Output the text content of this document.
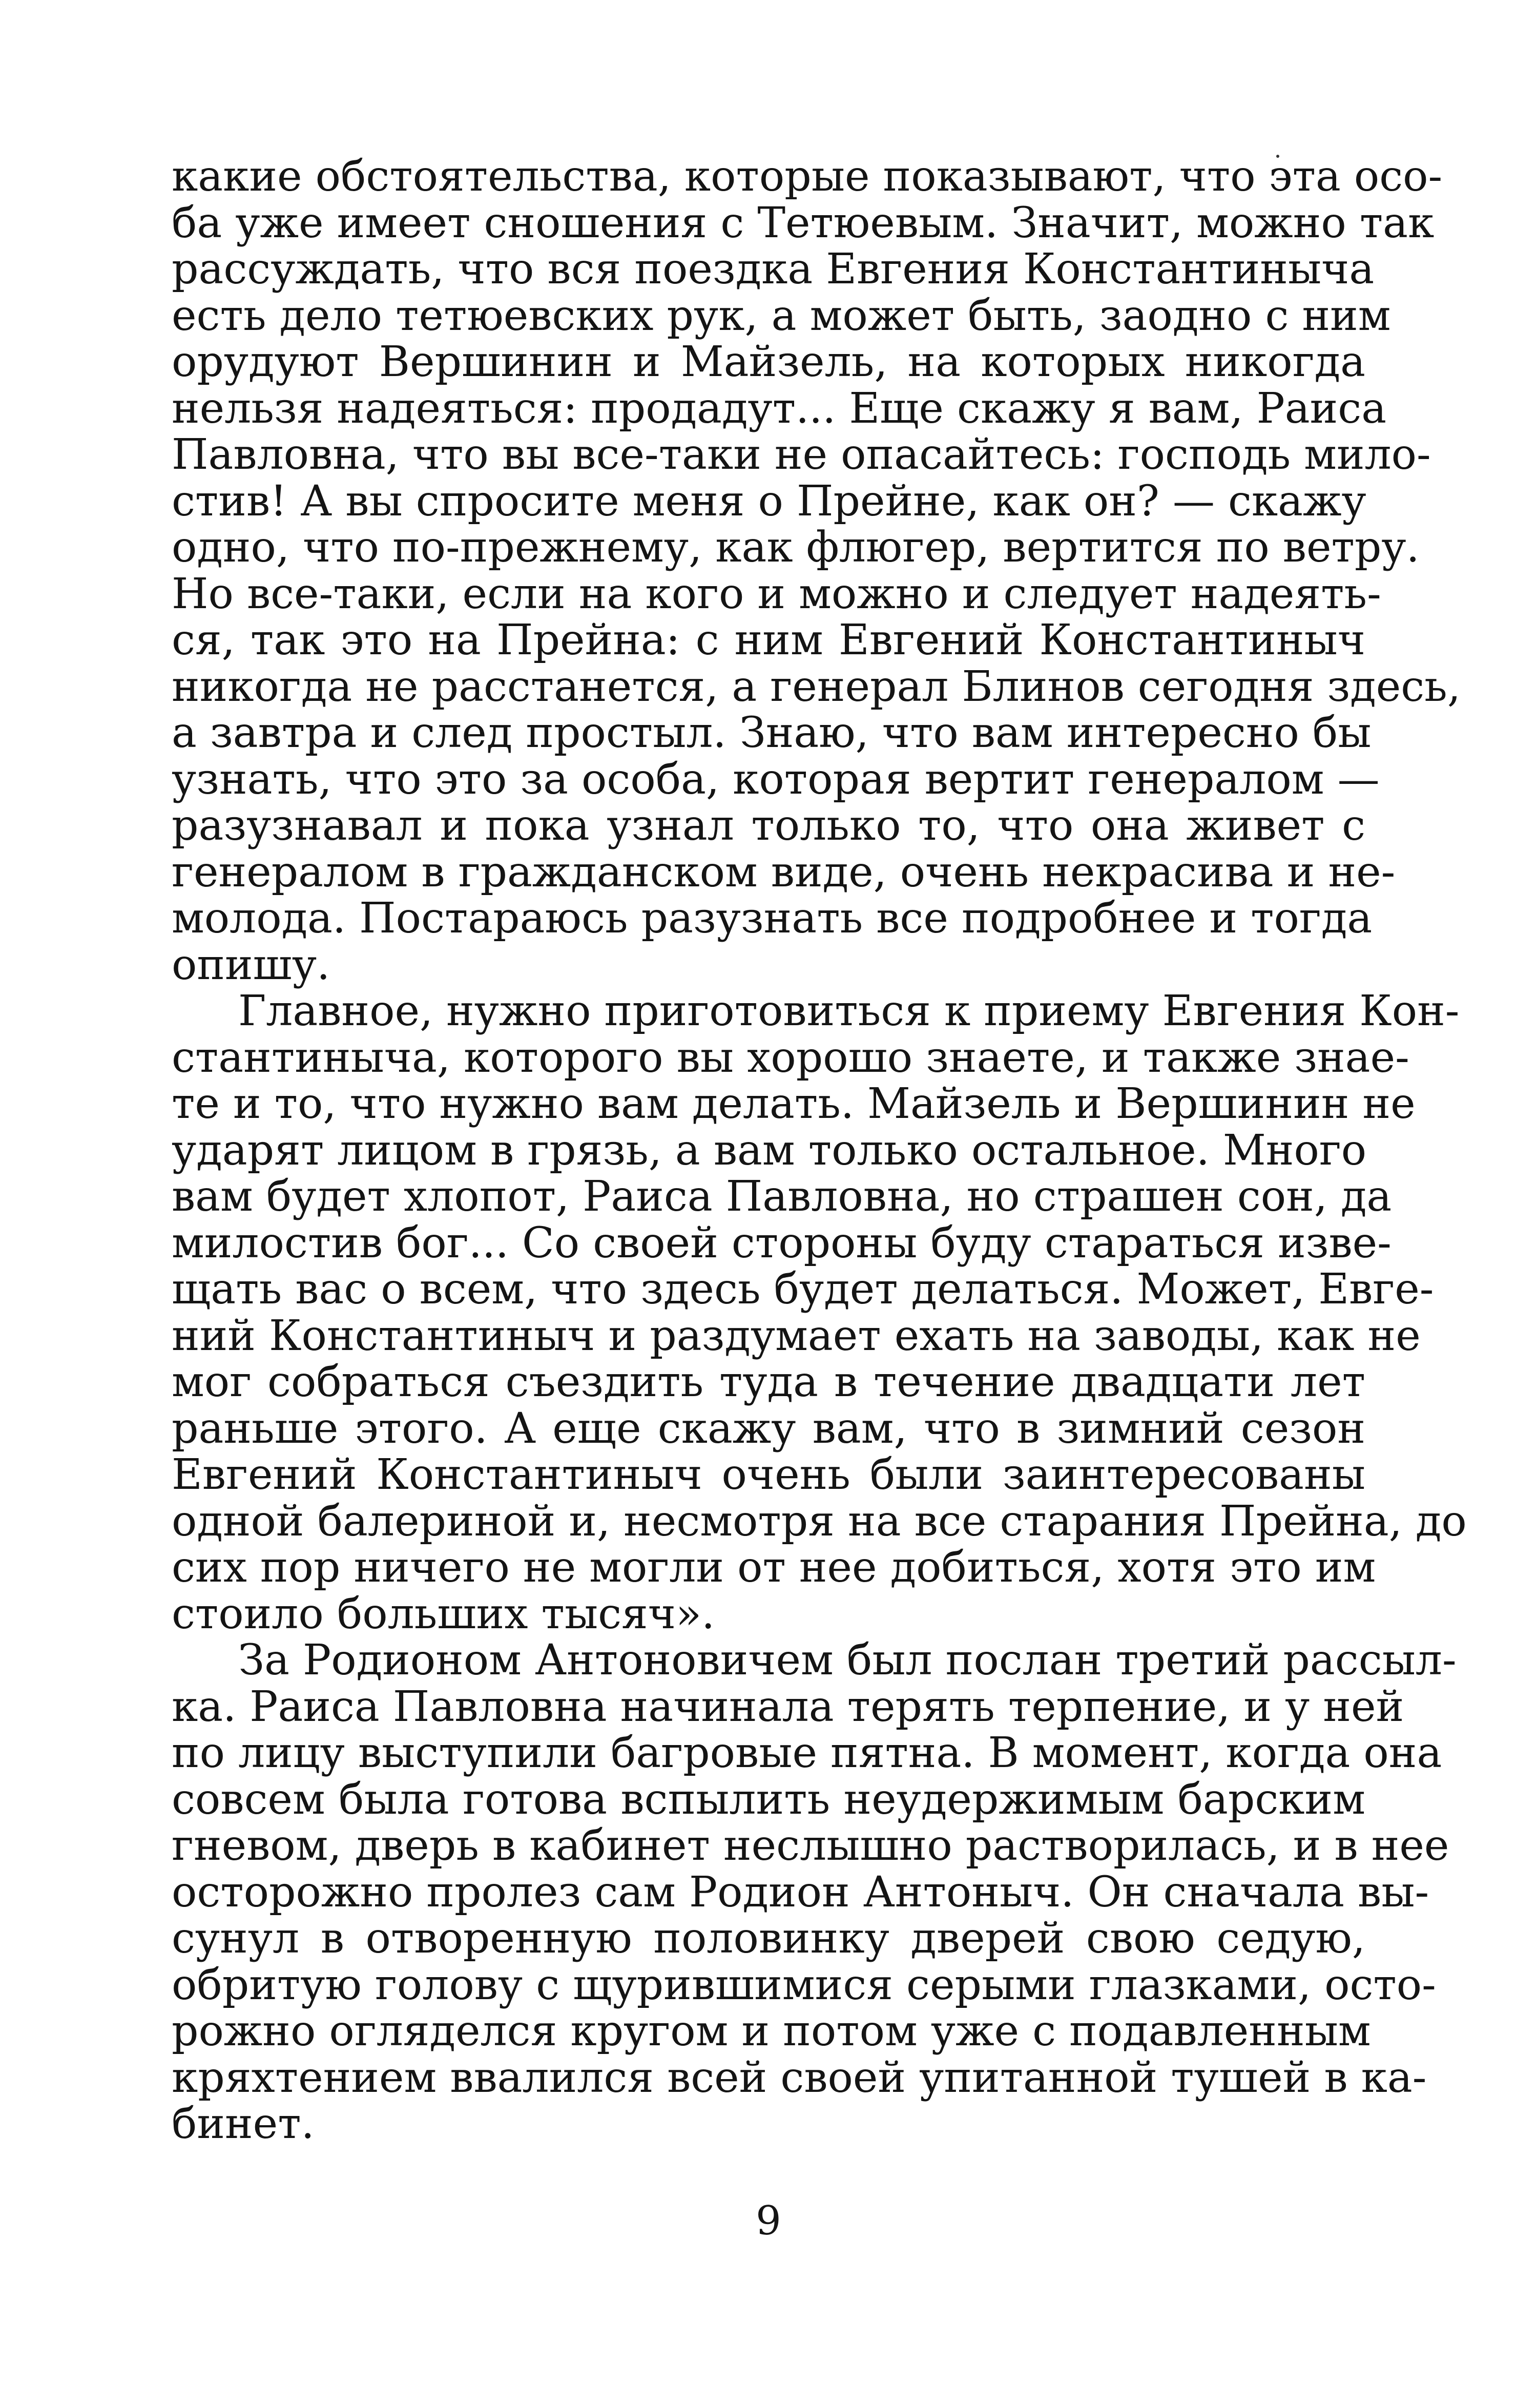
какие обстоятельства, которые показывают, что эта осо-
ба уже имеет сношения с Тетюевым. Значит, можно так
рассуждать, что вся поездка Евгения Константиныча
есть дело тетюевских рук, а может быть, заодно с ним
орудуют Вершинин и Майзель, на которых никогда
нельзя надеяться: продадут... Еще скажу я вам, Раиса
Павловна, что вы все-таки не опасайтесь: господь мило-
стив! А вы спросите меня о Прейне, как он? — скажу
одно, что по-прежнему, как флюгер, вертится по ветру.
Но все-таки, если на кого и можно и следует надеять-
ся, так это на Прейна: с ним Евгений Константиныч
никогда не расстанется, а генерал Блинов сегодня здесь,
а завтра и след простыл. Знаю, что вам интересно бы
узнать, что это за особа, которая вертит генералом —
разузнавал и пока узнал только то, что она живет с
генералом в гражданском виде, очень некрасива и не-
молода. Постараюсь разузнать все подробнее и тогда
опишу.
Главное, нужно приготовиться к приему Евгения Кон-
стантиныча, которого вы хорошо знаете, и также знае-
те и то, что нужно вам делать. Майзель и Вершинин не
ударят лицом в грязь, а вам только остальное. Много
вам будет хлопот, Раиса Павловна, но страшен сон, да
милостив бог... Со своей стороны буду стараться изве-
щать вас о всем, что здесь будет делаться. Может, Евге-
ний Константиныч и раздумает ехать на заводы, как не
мог собраться съездить туда в течение двадцати лет
раньше этого. А еще скажу вам, что в зимний сезон
Евгений Константиныч очень были заинтересованы
одной балериной и, несмотря на все старания Прейна, до
сих пор ничего не могли от нее добиться, хотя это им
стоило больших тысяч».
За Родионом Антоновичем был послан третий рассыл-
ка. Раиса Павловна начинала терять терпение, и у ней
по лицу выступили багровые пятна. В момент, когда она
совсем была готова вспылить неудержимым барским
гневом, дверь в кабинет неслышно растворилась, и в нее
осторожно пролез сам Родион Антоныч. Он сначала вы-
сунул в отворенную половинку дверей свою седую,
обритую голову с щурившимися серыми глазками, осто-
рожно огляделся кругом и потом уже с подавленным
кряхтением ввалился всей своей упитанной тушей в ка-
бинет.
9
